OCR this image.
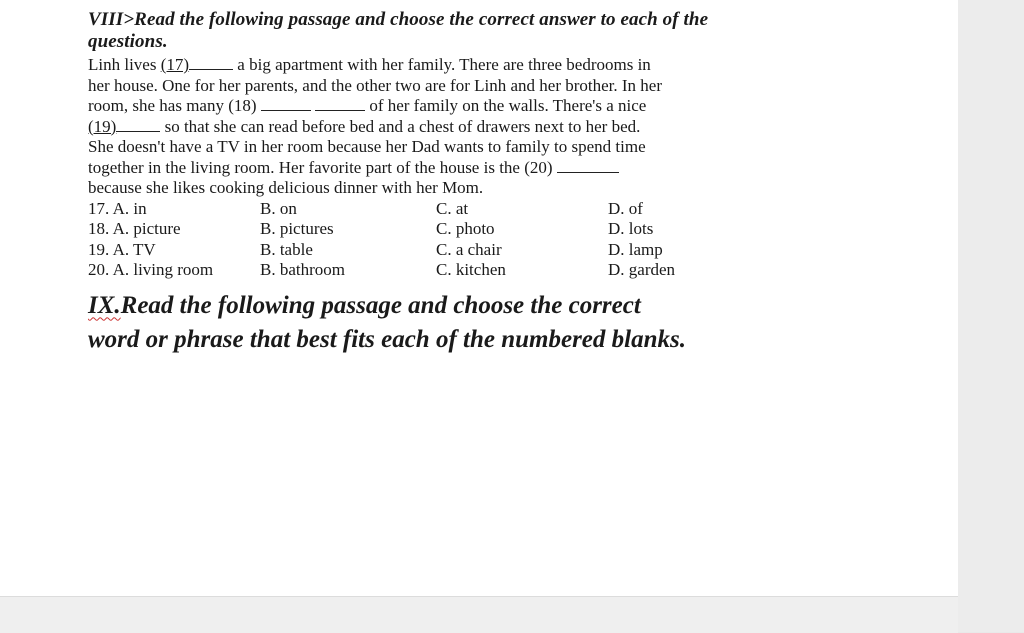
VIII>Read the following passage and choose the correct answer to each of the
questions.

Linh lives (17)	a big apartment with her family. There are three bedrooms in
her house. One for her parents, and the other two are for Linh and her brother. In her
room, she has many (18)	of her family on the walls. There's a nice
(19)	so that she can read before bed and a chest of drawers next to her bed.
She doesn't have a TV in her room because her Dad wants to family to spend time
together in the living room. Her favorite part of the house is the (20)
because she likes cooking delicious dinner with her Mom.

17. A. in	B. on	C. at	D. of
18. A. picture	B. pictures	C. photo	D. lots
19. A. TV	B. table	C. a chair	D. lamp
20. A. living room	B. bathroom	C. kitchen	D. garden
IX.Read the following passage and choose the correct
word or phrase that best fits each of the numbered blanks.
